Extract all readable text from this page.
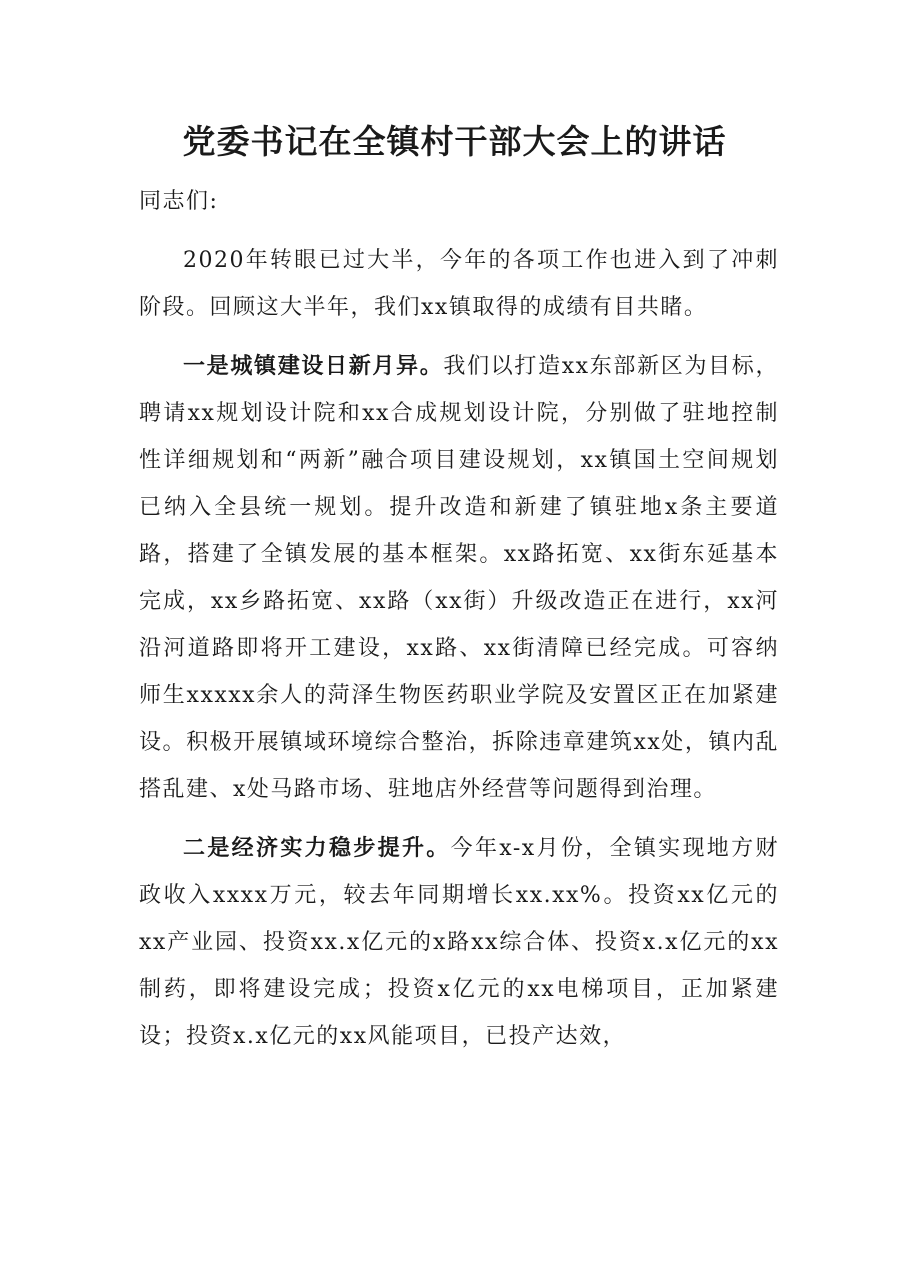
党委书记在全镇村干部大会上的讲话

同志们:

2020年转眼已过大半，今年的各项工作也进入到了冲刺阶段。回顾这大半年，我们xx镇取得的成绩有目共睹。

一是城镇建设日新月异。我们以打造xx东部新区为目标，聘请xx规划设计院和xx合成规划设计院，分别做了驻地控制性详细规划和“两新”融合项目建设规划，xx镇国土空间规划已纳入全县统一规划。提升改造和新建了镇驻地x条主要道路，搭建了全镇发展的基本框架。xx路拓宽、xx街东延基本完成，xx乡路拓宽、xx路（xx街）升级改造正在进行，xx河沿河道路即将开工建设，xx路、xx街清障已经完成。可容纳师生xxxxx余人的菏泽生物医药职业学院及安置区正在加紧建设。积极开展镇域环境综合整治，拆除违章建筑xx处，镇内乱搭乱建、x处马路市场、驻地店外经营等问题得到治理。

二是经济实力稳步提升。今年x-x月份，全镇实现地方财政收入xxxx万元，较去年同期增长xx.xx%。投资xx亿元的xx产业园、投资xx.x亿元的x路xx综合体、投资x.x亿元的xx制药，即将建设完成；投资x亿元的xx电梯项目，正加紧建设；投资x.x亿元的xx风能项目，已投产达效，
